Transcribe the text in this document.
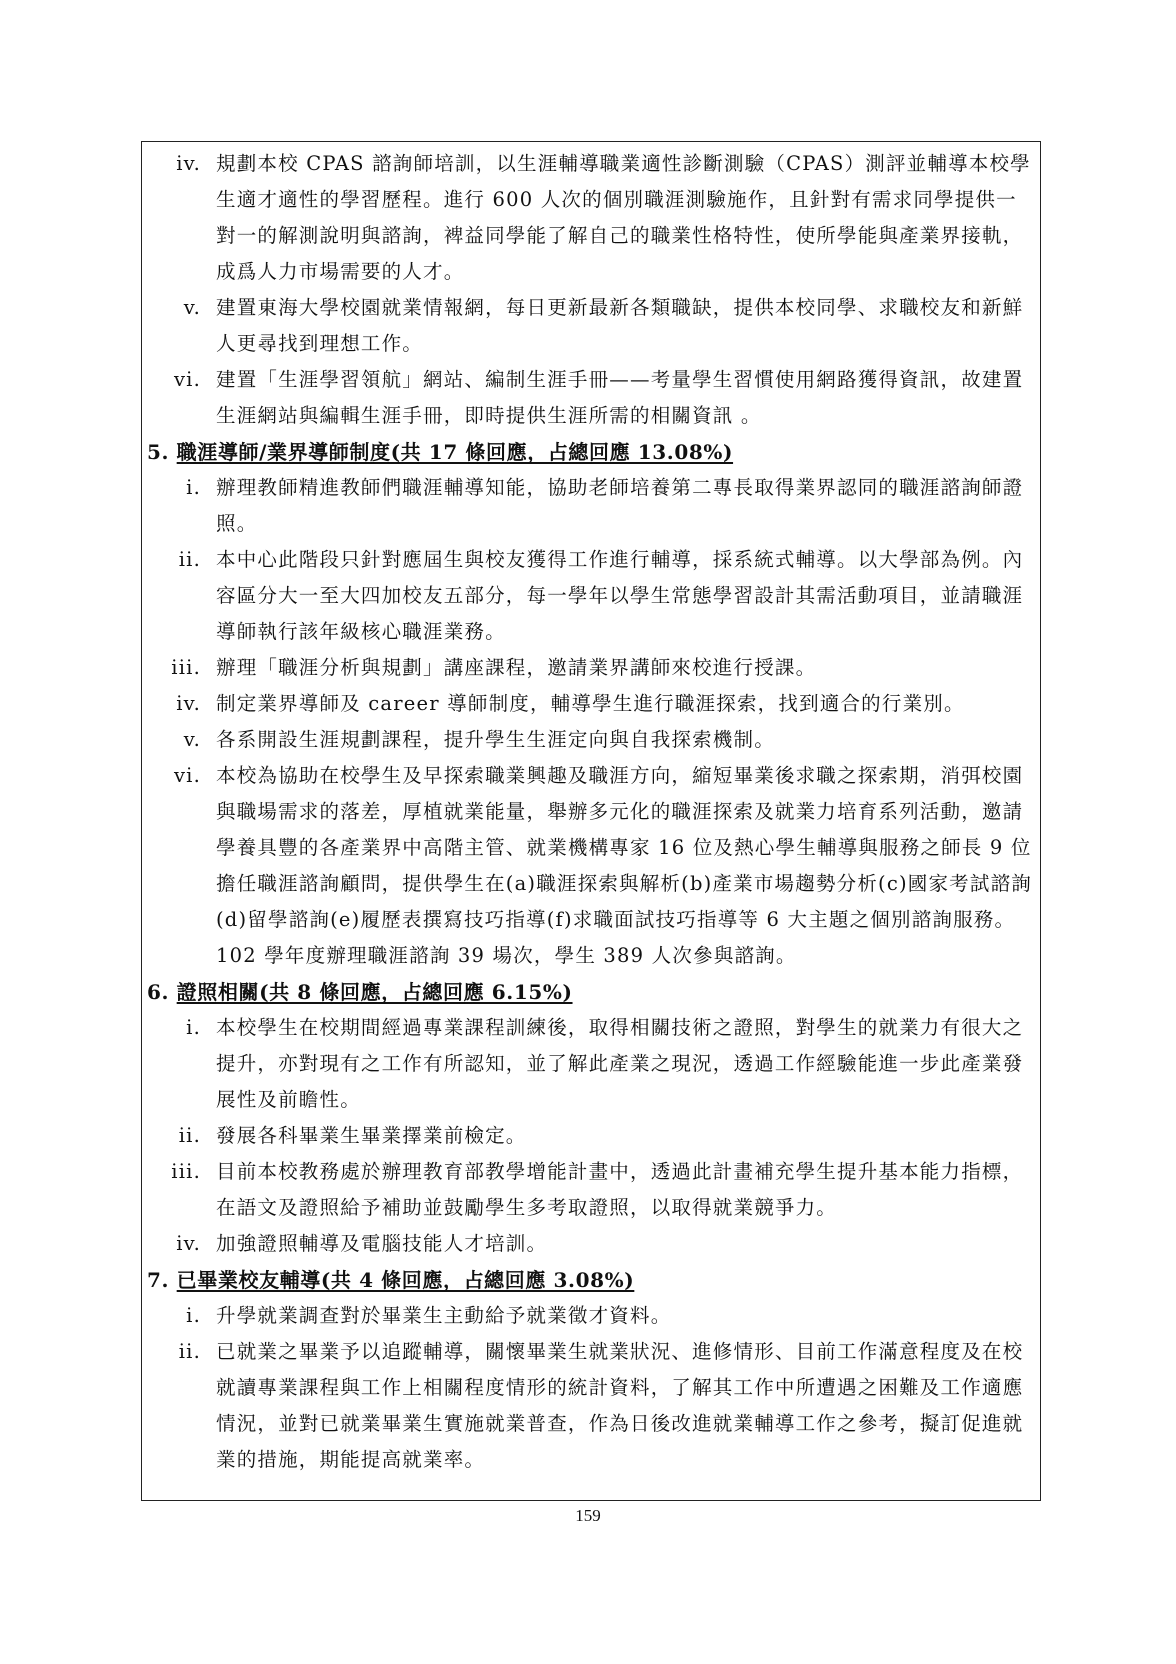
iv. 規劃本校 CPAS 諮詢師培訓，以生涯輔導職業適性診斷測驗（CPAS）測評並輔導本校學生適才適性的學習歷程。進行 600 人次的個別職涯測驗施作，且針對有需求同學提供一對一的解測說明與諮詢，裨益同學能了解自己的職業性格特性，使所學能與產業界接軌，成爲人力市場需要的人才。
v. 建置東海大學校園就業情報網，每日更新最新各類職缺，提供本校同學、求職校友和新鮮人更尋找到理想工作。
vi. 建置「生涯學習領航」網站、編制生涯手冊——考量學生習慣使用網路獲得資訊，故建置生涯網站與編輯生涯手冊，即時提供生涯所需的相關資訊 。
5. 職涯導師/業界導師制度(共 17 條回應，占總回應 13.08%)
i. 辦理教師精進教師們職涯輔導知能，協助老師培養第二專長取得業界認同的職涯諮詢師證照。
ii. 本中心此階段只針對應屆生與校友獲得工作進行輔導，採系統式輔導。以大學部為例。內容區分大一至大四加校友五部分，每一學年以學生常態學習設計其需活動項目，並請職涯導師執行該年級核心職涯業務。
iii. 辦理「職涯分析與規劃」講座課程，邀請業界講師來校進行授課。
iv. 制定業界導師及 career 導師制度，輔導學生進行職涯探索，找到適合的行業別。
v. 各系開設生涯規劃課程，提升學生生涯定向與自我探索機制。
vi. 本校為協助在校學生及早探索職業興趣及職涯方向，縮短畢業後求職之探索期，消弭校園與職場需求的落差，厚植就業能量，舉辦多元化的職涯探索及就業力培育系列活動，邀請學養具豐的各產業界中高階主管、就業機構專家 16 位及熱心學生輔導與服務之師長 9 位擔任職涯諮詢顧問，提供學生在(a)職涯探索與解析(b)產業市場趨勢分析(c)國家考試諮詢(d)留學諮詢(e)履歷表撰寫技巧指導(f)求職面試技巧指導等 6 大主題之個別諮詢服務。102 學年度辦理職涯諮詢 39 場次，學生 389 人次參與諮詢。
6. 證照相關(共 8 條回應，占總回應 6.15%)
i. 本校學生在校期間經過專業課程訓練後，取得相關技術之證照，對學生的就業力有很大之提升，亦對現有之工作有所認知，並了解此產業之現況，透過工作經驗能進一步此產業發展性及前瞻性。
ii. 發展各科畢業生畢業擇業前檢定。
iii. 目前本校教務處於辦理教育部教學增能計畫中，透過此計畫補充學生提升基本能力指標，在語文及證照給予補助並鼓勵學生多考取證照，以取得就業競爭力。
iv. 加強證照輔導及電腦技能人才培訓。
7. 已畢業校友輔導(共 4 條回應，占總回應 3.08%)
i. 升學就業調查對於畢業生主動給予就業徵才資料。
ii. 已就業之畢業予以追蹤輔導，關懷畢業生就業狀況、進修情形、目前工作滿意程度及在校就讀專業課程與工作上相關程度情形的統計資料，了解其工作中所遭遇之困難及工作適應情況，並對已就業畢業生實施就業普查，作為日後改進就業輔導工作之參考，擬訂促進就業的措施，期能提高就業率。
159
